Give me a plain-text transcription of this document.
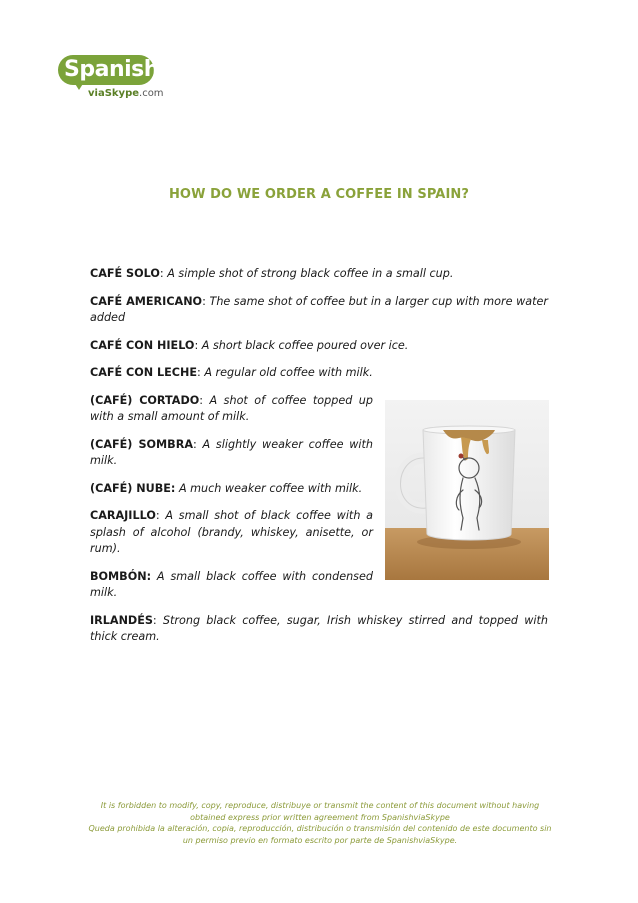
Spanish
viaSkype.com
HOW DO WE ORDER A COFFEE IN SPAIN?

CAFÉ SOLO: A simple shot of strong black coffee in a small cup.

CAFÉ AMERICANO: The same shot of coffee but in a larger cup with more water added

CAFÉ CON HIELO: A short black coffee poured over ice.

CAFÉ CON LECHE: A regular old coffee with milk.

(CAFÉ) CORTADO: A shot of coffee topped up with a small amount of milk.

(CAFÉ) SOMBRA: A slightly weaker coffee with milk.

(CAFÉ) NUBE: A much weaker coffee with milk.

CARAJILLO: A small shot of black coffee with a splash of alcohol (brandy, whiskey, anisette, or rum).

BOMBÓN: A small black coffee with condensed milk.

IRLANDÉS: Strong black coffee, sugar, Irish whiskey stirred and topped with thick cream.

It is forbidden to modify, copy, reproduce, distribuye or transmit the content of this document without having obtained express prior written agreement from SpanishviaSkype
Queda prohibida la alteración, copia, reproducción, distribución o transmisión del contenido de este documento sin un permiso previo en formato escrito por parte de SpanishviaSkype.
